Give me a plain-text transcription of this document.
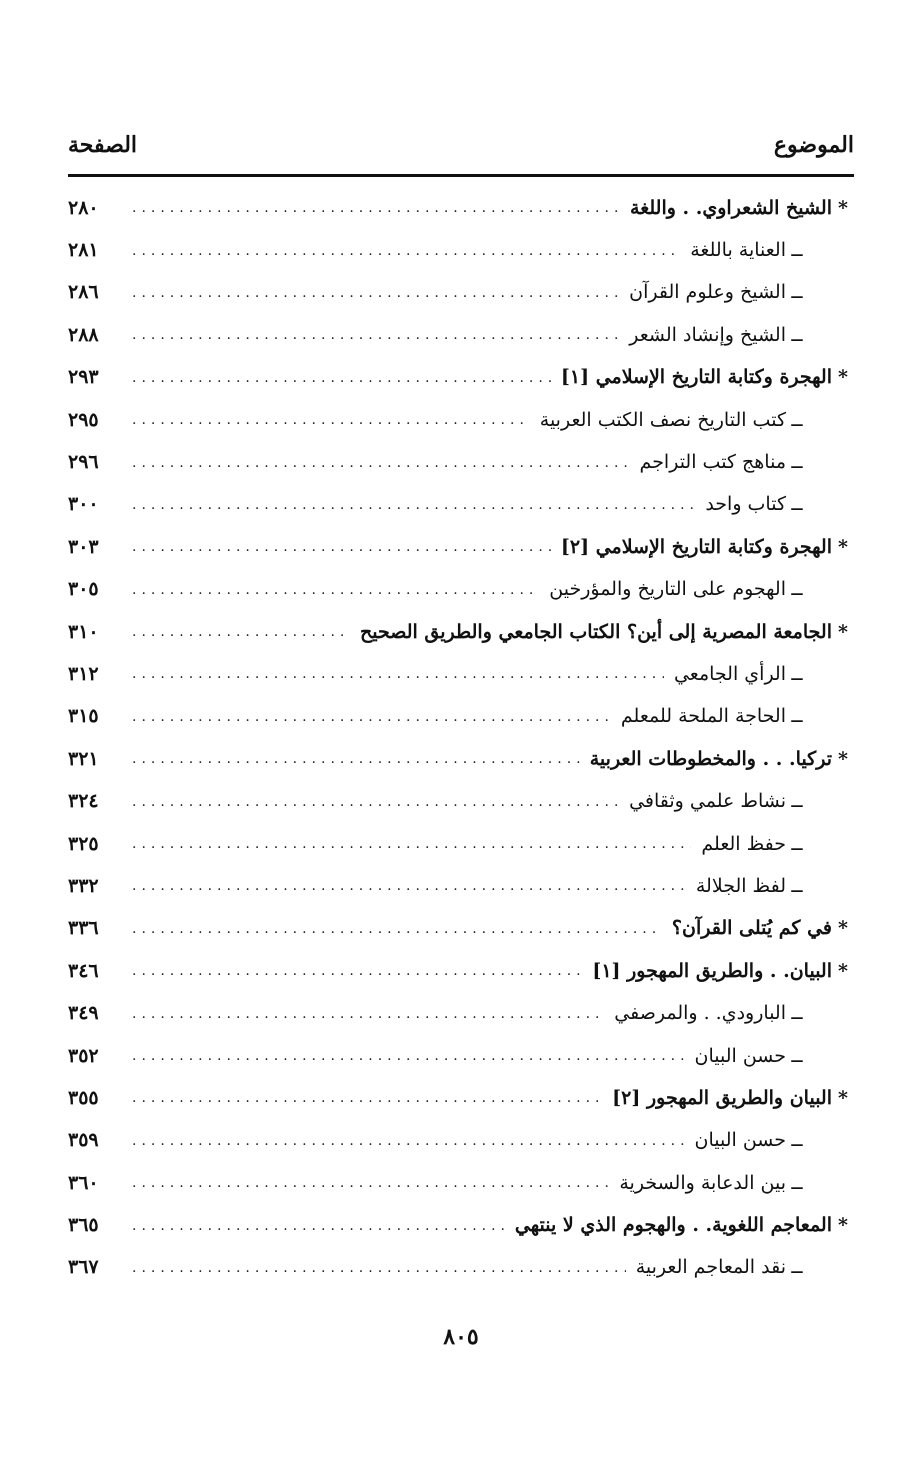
الموضوع
الصفحة
*
الشيخ الشعراوي. . واللغة
.....
٢٨٠
ــ
العناية باللغة
.....
٢٨١
ــ
الشيخ وعلوم القرآن
.....
٢٨٦
ــ
الشيخ وإنشاد الشعر
.....
٢٨٨
*
الهجرة وكتابة التاريخ الإسلامي [١]
.....
٢٩٣
ــ
كتب التاريخ نصف الكتب العربية
.....
٢٩٥
ــ
مناهج كتب التراجم
.....
٢٩٦
ــ
كتاب واحد
.....
٣٠٠
*
الهجرة وكتابة التاريخ الإسلامي [٢]
.....
٣٠٣
ــ
الهجوم على التاريخ والمؤرخين
.....
٣٠٥
*
الجامعة المصرية إلى أين؟ الكتاب الجامعي والطريق الصحيح
.....
٣١٠
ــ
الرأي الجامعي
.....
٣١٢
ــ
الحاجة الملحة للمعلم
.....
٣١٥
*
تركيا. . . والمخطوطات العربية
.....
٣٢١
ــ
نشاط علمي وثقافي
.....
٣٢٤
ــ
حفظ العلم
.....
٣٢٥
ــ
لفظ الجلالة
.....
٣٣٢
*
في كم يُتلى القرآن؟
.....
٣٣٦
*
البيان. . والطريق المهجور [١]
.....
٣٤٦
ــ
البارودي. . والمرصفي
.....
٣٤٩
ــ
حسن البيان
.....
٣٥٢
*
البيان والطريق المهجور [٢]
.....
٣٥٥
ــ
حسن البيان
.....
٣٥٩
ــ
بين الدعابة والسخرية
.....
٣٦٠
*
المعاجم اللغوية. . والهجوم الذي لا ينتهي
.....
٣٦٥
ــ
نقد المعاجم العربية
.....
٣٦٧
٨٠٥
